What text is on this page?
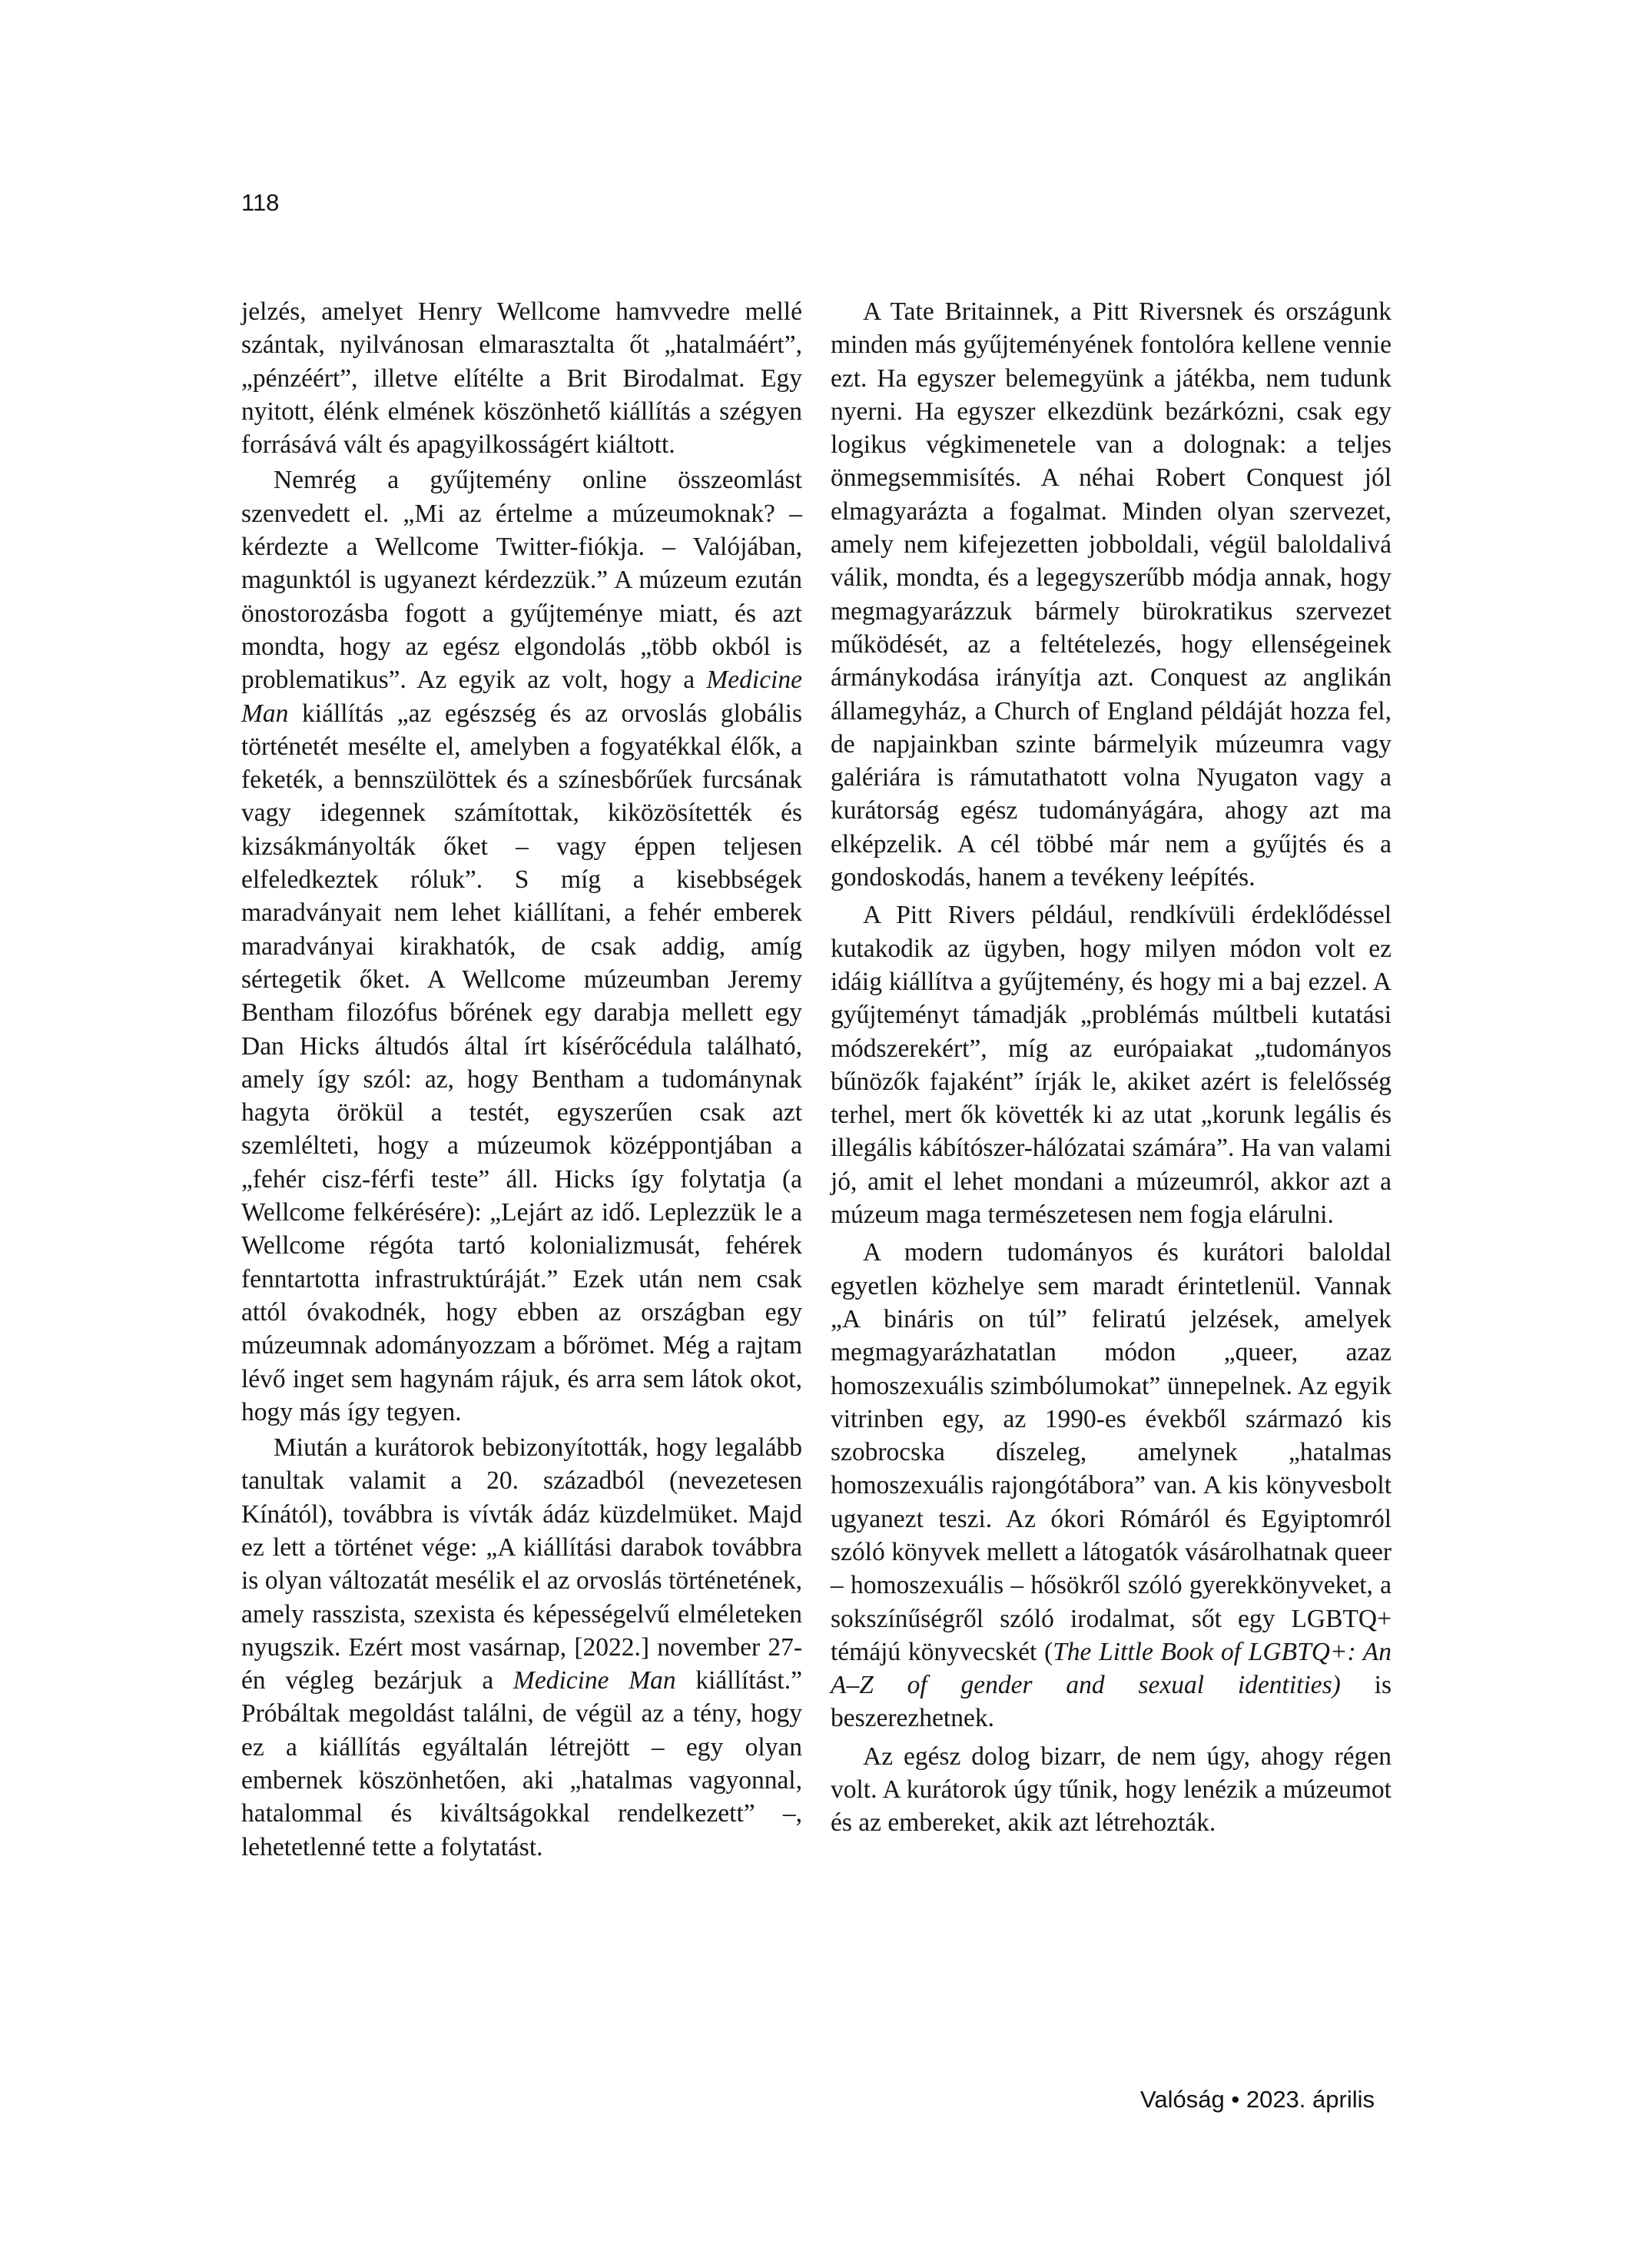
118

jelzés, amelyet Henry Wellcome hamvvedre mellé szántak, nyilvánosan elmarasztalta őt „hatalmáért”, „pénzéért”, illetve elítélte a Brit Birodalmat. Egy nyitott, élénk elmének köszönhető kiállítás a szégyen forrásává vált és apagyilkosságért kiáltott.

Nemrég a gyűjtemény online összeomlást szenvedett el. „Mi az értelme a múzeumoknak? – kérdezte a Wellcome Twitter-fiókja. – Valójában, magunktól is ugyanezt kérdezzük.” A múzeum ezután önostorozásba fogott a gyűjteménye miatt, és azt mondta, hogy az egész elgondolás „több okból is problematikus”. Az egyik az volt, hogy a Medicine Man kiállítás „az egészség és az orvoslás globális történetét mesélte el, amelyben a fogyatékkal élők, a feketék, a bennszülöttek és a színesbőrűek furcsának vagy idegennek számítottak, kiközösítették és kizsákmányolták őket – vagy éppen teljesen elfeledkeztek róluk”. S míg a kisebbségek maradványait nem lehet kiállítani, a fehér emberek maradványai kirakhatók, de csak addig, amíg sértegetik őket. A Wellcome múzeumban Jeremy Bentham filozófus bőrének egy darabja mellett egy Dan Hicks áltudós által írt kísérőcédula található, amely így szól: az, hogy Bentham a tudománynak hagyta örökül a testét, egyszerűen csak azt szemlélteti, hogy a múzeumok középpontjában a „fehér cisz-férfi teste” áll. Hicks így folytatja (a Wellcome felkérésére): „Lejárt az idő. Leplezzük le a Wellcome régóta tartó kolonializmusát, fehérek fenntartotta infrastruktúráját.” Ezek után nem csak attól óvakodnék, hogy ebben az országban egy múzeumnak adományozzam a bőrömet. Még a rajtam lévő inget sem hagynám rájuk, és arra sem látok okot, hogy más így tegyen.

Miután a kurátorok bebizonyították, hogy legalább tanultak valamit a 20. századból (nevezetesen Kínától), továbbra is vívták ádáz küzdelmüket. Majd ez lett a történet vége: „A kiállítási darabok továbbra is olyan változatát mesélik el az orvoslás történetének, amely rasszista, szexista és képességelvű elméleteken nyugszik. Ezért most vasárnap, [2022.] november 27-én végleg bezárjuk a Medicine Man kiállítást.” Próbáltak megoldást találni, de végül az a tény, hogy ez a kiállítás egyáltalán létrejött – egy olyan embernek köszönhetően, aki „hatalmas vagyonnal, hatalommal és kiváltságokkal rendelkezett” –, lehetetlenné tette a folytatást.

A Tate Britainnek, a Pitt Riversnek és országunk minden más gyűjteményének fontolóra kellene vennie ezt. Ha egyszer belemegyünk a játékba, nem tudunk nyerni. Ha egyszer elkezdünk bezárkózni, csak egy logikus végkimenetele van a dolognak: a teljes önmegsemmisítés. A néhai Robert Conquest jól elmagyarázta a fogalmat. Minden olyan szervezet, amely nem kifejezetten jobboldali, végül baloldalivá válik, mondta, és a legegyszerűbb módja annak, hogy megmagyarázzuk bármely bürokratikus szervezet működését, az a feltételezés, hogy ellenségeinek ármánykodása irányítja azt. Conquest az anglikán államegyház, a Church of England példáját hozza fel, de napjainkban szinte bármelyik múzeumra vagy galériára is rámutathatott volna Nyugaton vagy a kurátorság egész tudományágára, ahogy azt ma elképzelik. A cél többé már nem a gyűjtés és a gondoskodás, hanem a tevékeny leépítés.

A Pitt Rivers például, rendkívüli érdeklődéssel kutakodik az ügyben, hogy milyen módon volt ez idáig kiállítva a gyűjtemény, és hogy mi a baj ezzel. A gyűjteményt támadják „problémás múltbeli kutatási módszerekért”, míg az európaiakat „tudományos bűnözők fajaként” írják le, akiket azért is felelősség terhel, mert ők követték ki az utat „korunk legális és illegális kábítószer-hálózatai számára”. Ha van valami jó, amit el lehet mondani a múzeumról, akkor azt a múzeum maga természetesen nem fogja elárulni.

A modern tudományos és kurátori baloldal egyetlen közhelye sem maradt érintetlenül. Vannak „A bináris on túl” feliratú jelzések, amelyek megmagyarázhatatlan módon „queer, azaz homoszexuális szimbólumokat” ünnepelnek. Az egyik vitrinben egy, az 1990-es évekből származó kis szobrocska díszeleg, amelynek „hatalmas homoszexuális rajongótábora” van. A kis könyvesbolt ugyanezt teszi. Az ókori Rómáról és Egyiptomról szóló könyvek mellett a látogatók vásárolhatnak queer – homoszexuális – hősökről szóló gyerekkönyveket, a sokszínűségről szóló irodalmat, sőt egy LGBTQ+ témájú könyvecskét (The Little Book of LGBTQ+: An A–Z of gender and sexual identities) is beszerezhetnek.

Az egész dolog bizarr, de nem úgy, ahogy régen volt. A kurátorok úgy tűnik, hogy lenézik a múzeumot és az embereket, akik azt létrehozták.

Valóság • 2023. április
